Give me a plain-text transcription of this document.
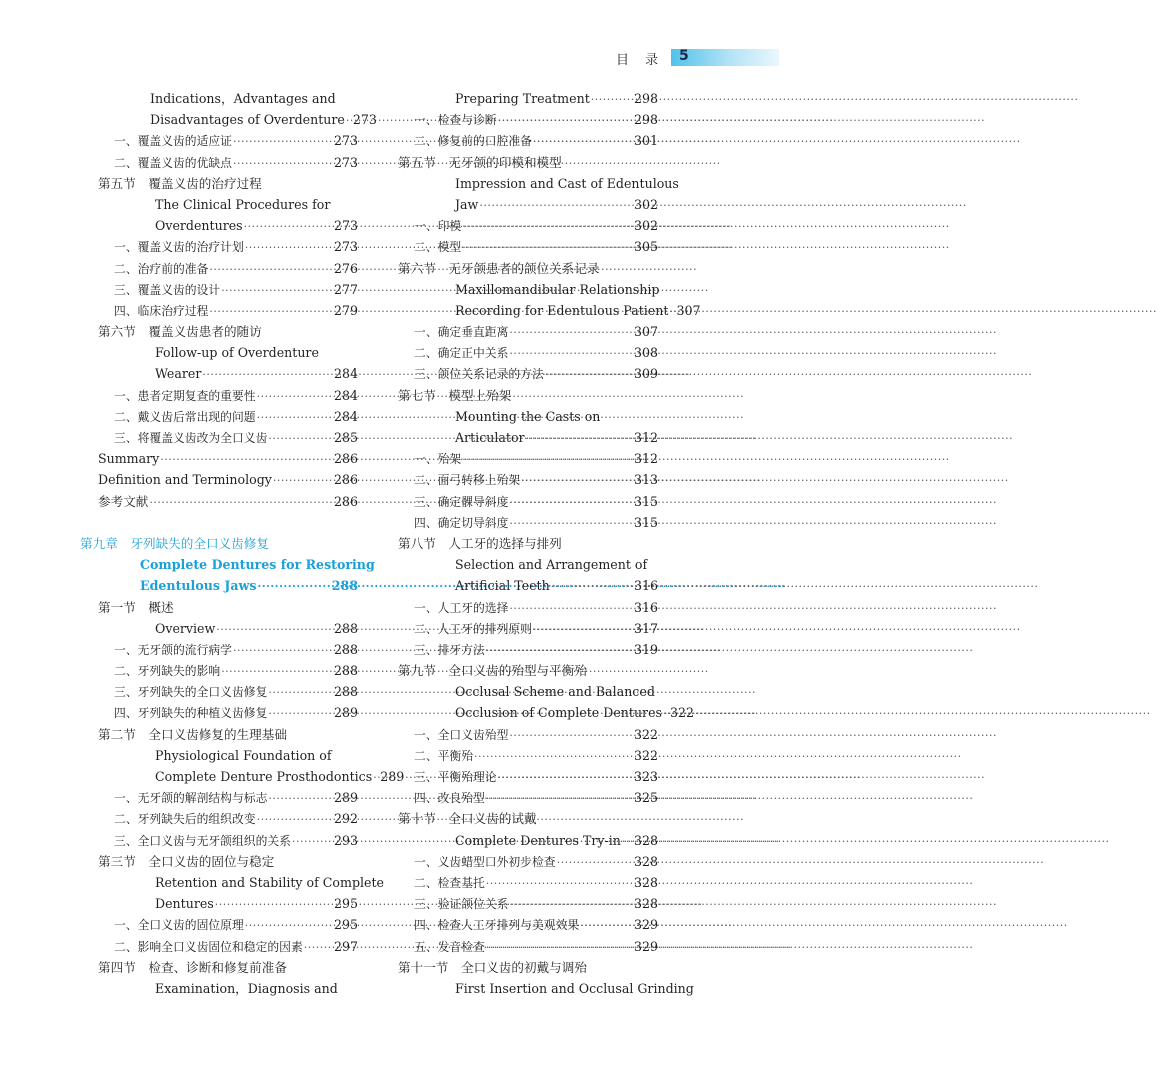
目 录 5
Indications，Advantages and
Disadvantages of Overdenture ····· 273
一、覆盖义齿的适应证 ·····	273
二、覆盖义齿的优缺点 ·····	273
第五节　覆盖义齿的治疗过程
The Clinical Procedures for
Overdentures ·····	273
一、覆盖义齿的治疗计划 ·····	273
二、治疗前的准备 ·····	276
三、覆盖义齿的设计 ·····	277
四、临床治疗过程 ·····	279
第六节　覆盖义齿患者的随访
Follow-up of Overdenture
Wearer ·····	284
一、患者定期复查的重要性 ·····	284
二、戴义齿后常出现的问题 ·····	284
三、将覆盖义齿改为全口义齿 ·····	285
Summary ·····	286
Definition and Terminology ·····	286
参考文献 ·····	286
第九章　牙列缺失的全口义齿修复
Complete Dentures for Restoring
Edentulous Jaws ·····	288
第一节　概述
Overview ·····	288
一、无牙颌的流行病学 ·····	288
二、牙列缺失的影响 ·····	288
三、牙列缺失的全口义齿修复 ·····	288
四、牙列缺失的种植义齿修复 ·····	289
第二节　全口义齿修复的生理基础
Physiological Foundation of
Complete Denture Prosthodontics ····· 289
一、无牙颌的解剖结构与标志 ·····	289
二、牙列缺失后的组织改变 ·····	292
三、全口义齿与无牙颌组织的关系 ·····	293
第三节　全口义齿的固位与稳定
Retention and Stability of Complete
Dentures ·····	295
一、全口义齿的固位原理 ·····	295
二、影响全口义齿固位和稳定的因素 ····· 297
第四节　检查、诊断和修复前准备
Examination，Diagnosis and
Preparing Treatment ·····	298
一、检查与诊断 ·····	298
二、修复前的口腔准备 ·····	301
第五节　无牙颌的印模和模型
Impression and Cast of Edentulous
Jaw ·····	302
一、印模 ·····	302
二、模型 ·····	305
第六节　无牙颌患者的颌位关系记录
Maxillomandibular Relationship
Recording for Edentulous Patient ····· 307
一、确定垂直距离 ·····	307
二、确定正中关系 ·····	308
三、颌位关系记录的方法 ·····	309
第七节　模型上殆架
Mounting the Casts on
Articulator ·····	312
一、殆架 ·····	312
二、面弓转移上殆架 ·····	313
三、确定髁导斜度 ·····	315
四、确定切导斜度 ·····	315
第八节　人工牙的选择与排列
Selection and Arrangement of
Artificial Teeth ·····	316
一、人工牙的选择 ·····	316
二、人工牙的排列原则 ·····	317
三、排牙方法 ·····	319
第九节　全口义齿的殆型与平衡殆
Occlusal Scheme and Balanced
Occlusion of Complete Dentures ····· 322
一、全口义齿殆型 ·····	322
二、平衡殆 ·····	322
三、平衡殆理论 ·····	323
四、改良殆型 ·····	325
第十节　全口义齿的试戴
Complete Dentures Try-in ····· 328
一、义齿蜡型口外初步检查 ·····	328
二、检查基托 ·····	328
三、验证颌位关系 ·····	328
四、检查人工牙排列与美观效果 ·····	329
五、发音检查 ·····	329
第十一节　全口义齿的初戴与调殆
First Insertion and Occlusal Grinding
